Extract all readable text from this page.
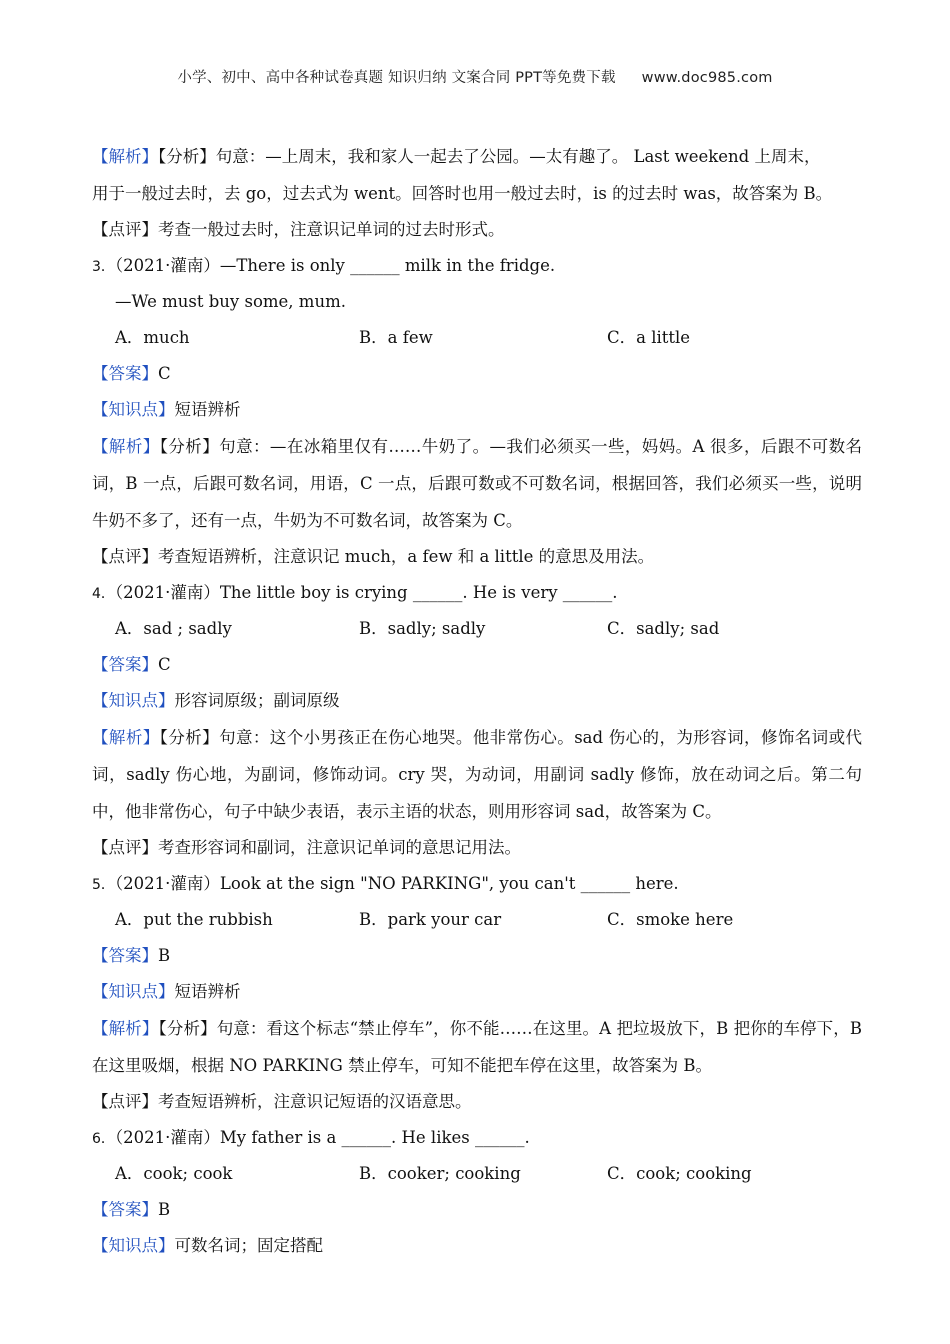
小学、初中、高中各种试卷真题 知识归纳 文案合同 PPT等免费下载 www.doc985.com
【解析】【分析】句意：—上周末，我和家人一起去了公园。—太有趣了。 Last weekend 上周末，
用于一般过去时，去 go，过去式为 went。回答时也用一般过去时，is 的过去时 was，故答案为 B。
【点评】考查一般过去时，注意识记单词的过去时形式。
3．（2021·灌南）—There is only ______ milk in the fridge.
—We must buy some, mum.
A．much	B．a few	C．a little
【答案】C
【知识点】短语辨析
【解析】【分析】句意：—在冰箱里仅有……牛奶了。—我们必须买一些，妈妈。A 很多，后跟不可数名词，B 一点，后跟可数名词，用语，C 一点，后跟可数或不可数名词，根据回答，我们必须买一些，说明牛奶不多了，还有一点，牛奶为不可数名词，故答案为 C。
【点评】考查短语辨析，注意识记 much，a few 和 a little 的意思及用法。
4．（2021·灌南）The little boy is crying ______. He is very ______.
A．sad ; sadly	B．sadly; sadly	C．sadly; sad
【答案】C
【知识点】形容词原级；副词原级
【解析】【分析】句意：这个小男孩正在伤心地哭。他非常伤心。sad 伤心的，为形容词，修饰名词或代词，sadly 伤心地，为副词，修饰动词。cry 哭，为动词，用副词 sadly 修饰，放在动词之后。第二句中，他非常伤心，句子中缺少表语，表示主语的状态，则用形容词 sad，故答案为 C。
【点评】考查形容词和副词，注意识记单词的意思记用法。
5．（2021·灌南）Look at the sign "NO PARKING", you can't ______ here.
A．put the rubbish	B．park your car	C．smoke here
【答案】B
【知识点】短语辨析
【解析】【分析】句意：看这个标志“禁止停车”，你不能……在这里。A 把垃圾放下，B 把你的车停下，B 在这里吸烟，根据 NO PARKING 禁止停车，可知不能把车停在这里，故答案为 B。
【点评】考查短语辨析，注意识记短语的汉语意思。
6．（2021·灌南）My father is a ______. He likes ______.
A．cook; cook	B．cooker; cooking	C．cook; cooking
【答案】B
【知识点】可数名词；固定搭配
